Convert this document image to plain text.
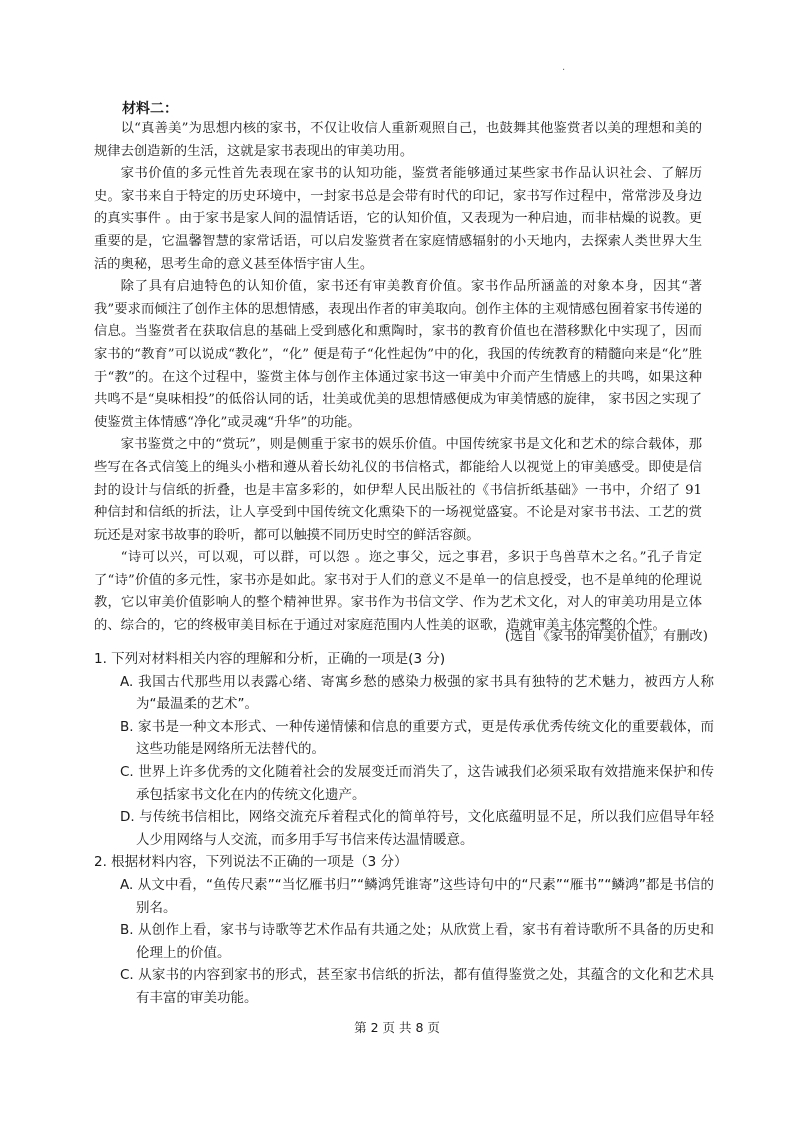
.
材料二：

以“真善美”为思想内核的家书，不仅让收信人重新观照自己，也鼓舞其他鉴赏者以美的理想和美的规律去创造新的生活，这就是家书表现出的审美功用。

家书价值的多元性首先表现在家书的认知功能，鉴赏者能够通过某些家书作品认识社会、了解历史。家书来自于特定的历史环境中，一封家书总是会带有时代的印记，家书写作过程中，常常涉及身边的真实事件 。由于家书是家人间的温情话语，它的认知价值，又表现为一种启迪，而非枯燥的说教。更重要的是，它温馨智慧的家常话语，可以启发鉴赏者在家庭情感辐射的小天地内，去探索人类世界大生活的奥秘，思考生命的意义甚至体悟宇宙人生。

除了具有启迪特色的认知价值，家书还有审美教育价值。家书作品所涵盖的对象本身，因其“著我”要求而倾注了创作主体的思想情感，表现出作者的审美取向。创作主体的主观情感包囿着家书传递的信息。当鉴赏者在获取信息的基础上受到感化和熏陶时，家书的教育价值也在潜移默化中实现了，因而家书的“教育”可以说成“教化”，“化” 便是荀子“化性起伪”中的化，我国的传统教育的精髓向来是“化”胜于“教”的。在这个过程中，鉴赏主体与创作主体通过家书这一审美中介而产生情感上的共鸣，如果这种共鸣不是“臭味相投”的低俗认同的话，壮美或优美的思想情感便成为审美情感的旋律， 家书因之实现了使鉴赏主体情感“净化”或灵魂“升华”的功能。

家书鉴赏之中的“赏玩”，则是侧重于家书的娱乐价值。中国传统家书是文化和艺术的综合载体，那些写在各式信笺上的绳头小楷和遵从着长幼礼仪的书信格式，都能给人以视觉上的审美感受。即使是信封的设计与信纸的折叠，也是丰富多彩的，如伊犁人民出版社的《书信折纸基础》一书中，介绍了 91 种信封和信纸的折法，让人享受到中国传统文化熏染下的一场视觉盛宴。不论是对家书书法、工艺的赏玩还是对家书故事的聆听，都可以触摸不同历史时空的鲜活容颜。

“诗可以兴，可以观，可以群，可以怨 。迩之事父，远之事君，多识于鸟兽草木之名。”孔子肯定了“诗”价值的多元性，家书亦是如此。家书对于人们的意义不是单一的信息授受，也不是单纯的伦理说教，它以审美价值影响人的整个精神世界。家书作为书信文学、作为艺术文化，对人的审美功用是立体的、综合的，它的终极审美目标在于通过对家庭范围内人性美的讴歌，造就审美主体完整的个性。

(选自《家书的审美价值》，有删改)

1. 下列对材料相关内容的理解和分析，正确的一项是(3 分)

A. 我国古代那些用以表露心绪、寄寓乡愁的感染力极强的家书具有独特的艺术魅力，被西方人称为“最温柔的艺术”。

B. 家书是一种文本形式、一种传递情愫和信息的重要方式，更是传承优秀传统文化的重要载体，而这些功能是网络所无法替代的。

C. 世界上许多优秀的文化随着社会的发展变迁而消失了，这告诫我们必须采取有效措施来保护和传承包括家书文化在内的传统文化遗产。

D. 与传统书信相比，网络交流充斥着程式化的简单符号，文化底蕴明显不足，所以我们应倡导年轻人少用网络与人交流，而多用手写书信来传达温情暖意。

2. 根据材料内容，下列说法不正确的一项是（3 分）

A. 从文中看，“鱼传尺素”“当忆雁书归”“鳞鸿凭谁寄”这些诗句中的“尺素”“雁书”“鳞鸿”都是书信的别名。

B. 从创作上看，家书与诗歌等艺术作品有共通之处；从欣赏上看，家书有着诗歌所不具备的历史和伦理上的价值。

C. 从家书的内容到家书的形式，甚至家书信纸的折法，都有值得鉴赏之处，其蕴含的文化和艺术具有丰富的审美功能。

第 2 页 共 8 页
